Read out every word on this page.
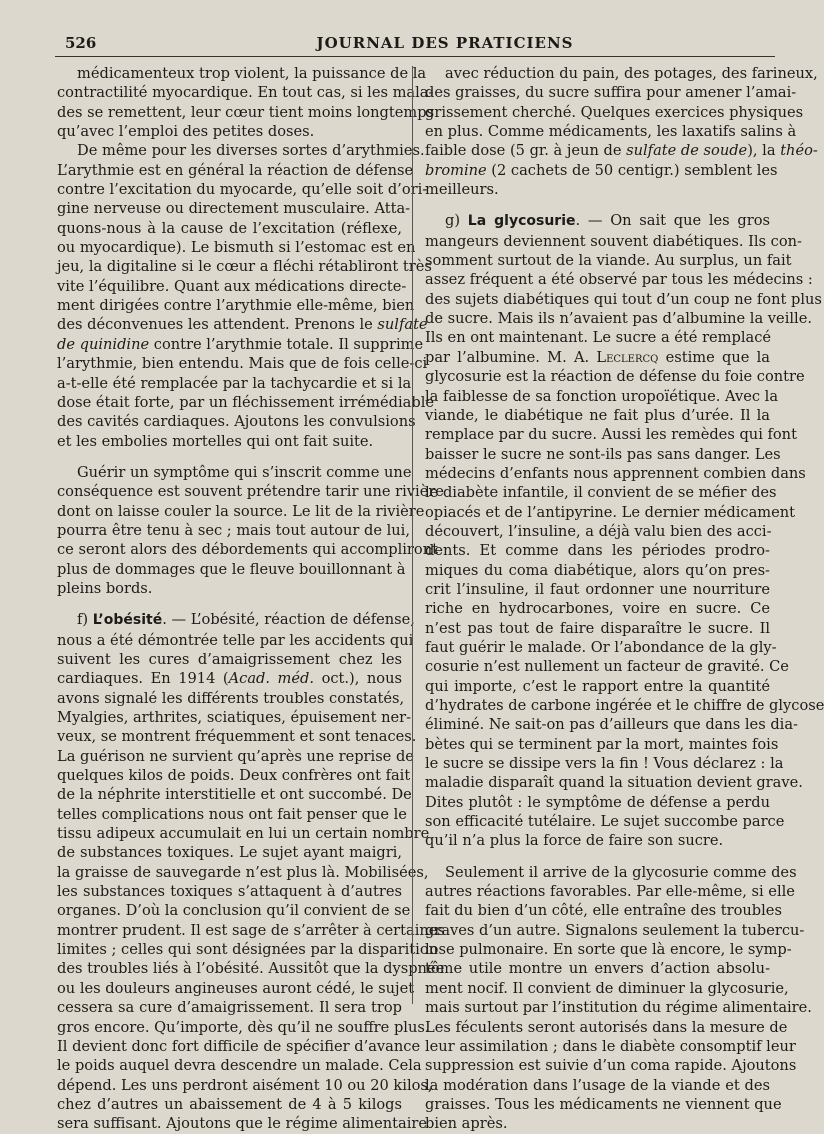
526	JOURNAL DES PRATICIENS

médicamenteux trop violent, la puissance de la
contractilité myocardique. En tout cas, si les mala-
des se remettent, leur cœur tient moins longtemps
qu’avec l’emploi des petites doses.

De même pour les diverses sortes d’arythmies.
L’arythmie est en général la réaction de défense
contre l’excitation du myocarde, qu’elle soit d’ori-
gine nerveuse ou directement musculaire. Atta-
quons-nous à la cause de l’excitation (réflexe,
ou myocardique). Le bismuth si l’estomac est en
jeu, la digitaline si le cœur a fléchi rétabliront très
vite l’équilibre. Quant aux médications directe-
ment dirigées contre l’arythmie elle-même, bien
des déconvenues les attendent. Prenons le sulfate
de quinidine contre l’arythmie totale. Il supprime
l’arythmie, bien entendu. Mais que de fois celle-ci
a-t-elle été remplacée par la tachycardie et si la
dose était forte, par un fléchissement irrémédiable
des cavités cardiaques. Ajoutons les convulsions
et les embolies mortelles qui ont fait suite.

Guérir un symptôme qui s’inscrit comme une
conséquence est souvent prétendre tarir une rivière
dont on laisse couler la source. Le lit de la rivière
pourra être tenu à sec ; mais tout autour de lui,
ce seront alors des débordements qui accompliront
plus de dommages que le fleuve bouillonnant à
pleins bords.

f) L’obésité. — L’obésité, réaction de défense,
nous a été démontrée telle par les accidents qui
suivent les cures d’amaigrissement chez les
cardiaques. En 1914 (Acad. méd. oct.), nous
avons signalé les différents troubles constatés,
Myalgies, arthrites, sciatiques, épuisement ner-
veux, se montrent fréquemment et sont tenaces.
La guérison ne survient qu’après une reprise de
quelques kilos de poids. Deux confrères ont fait
de la néphrite interstitielle et ont succombé. De
telles complications nous ont fait penser que le
tissu adipeux accumulait en lui un certain nombre
de substances toxiques. Le sujet ayant maigri,
la graisse de sauvegarde n’est plus là. Mobilisées,
les substances toxiques s’attaquent à d’autres
organes. D’où la conclusion qu’il convient de se
montrer prudent. Il est sage de s’arrêter à certaines
limites ; celles qui sont désignées par la disparition
des troubles liés à l’obésité. Aussitôt que la dyspnée
ou les douleurs angineuses auront cédé, le sujet
cessera sa cure d’amaigrissement. Il sera trop
gros encore. Qu’importe, dès qu’il ne souffre plus.
Il devient donc fort difficile de spécifier d’avance
le poids auquel devra descendre un malade. Cela
dépend. Les uns perdront aisément 10 ou 20 kilos,
chez d’autres un abaissement de 4 à 5 kilogs
sera suffisant. Ajoutons que le régime alimentaire

avec réduction du pain, des potages, des farineux,
des graisses, du sucre suffira pour amener l’amai-
grissement cherché. Quelques exercices physiques
en plus. Comme médicaments, les laxatifs salins à
faible dose (5 gr. à jeun de sulfate de soude), la théo-
bromine (2 cachets de 50 centigr.) semblent les
meilleurs.

g) La glycosurie. — On sait que les gros
mangeurs deviennent souvent diabétiques. Ils con-
somment surtout de la viande. Au surplus, un fait
assez fréquent a été observé par tous les médecins :
des sujets diabétiques qui tout d’un coup ne font plus
de sucre. Mais ils n’avaient pas d’albumine la veille.
Ils en ont maintenant. Le sucre a été remplacé
par l’albumine. M. A. Leclercq estime que la
glycosurie est la réaction de défense du foie contre
la faiblesse de sa fonction uropoïétique. Avec la
viande, le diabétique ne fait plus d’urée. Il la
remplace par du sucre. Aussi les remèdes qui font
baisser le sucre ne sont-ils pas sans danger. Les
médecins d’enfants nous apprennent combien dans
le diabète infantile, il convient de se méfier des
opiacés et de l’antipyrine. Le dernier médicament
découvert, l’insuline, a déjà valu bien des acci-
dents. Et comme dans les périodes prodro-
miques du coma diabétique, alors qu’on pres-
crit l’insuline, il faut ordonner une nourriture
riche en hydrocarbones, voire en sucre. Ce
n’est pas tout de faire disparaître le sucre. Il
faut guérir le malade. Or l’abondance de la gly-
cosurie n’est nullement un facteur de gravité. Ce
qui importe, c’est le rapport entre la quantité
d’hydrates de carbone ingérée et le chiffre de glycose
éliminé. Ne sait-on pas d’ailleurs que dans les dia-
bètes qui se terminent par la mort, maintes fois
le sucre se dissipe vers la fin ! Vous déclarez : la
maladie disparaît quand la situation devient grave.
Dites plutôt : le symptôme de défense a perdu
son efficacité tutélaire. Le sujet succombe parce
qu’il n’a plus la force de faire son sucre.

Seulement il arrive de la glycosurie comme des
autres réactions favorables. Par elle-même, si elle
fait du bien d’un côté, elle entraîne des troubles
graves d’un autre. Signalons seulement la tubercu-
lose pulmonaire. En sorte que là encore, le symp-
tôme utile montre un envers d’action absolu-
ment nocif. Il convient de diminuer la glycosurie,
mais surtout par l’institution du régime alimentaire.
Les féculents seront autorisés dans la mesure de
leur assimilation ; dans le diabète consomptif leur
suppression est suivie d’un coma rapide. Ajoutons
la modération dans l’usage de la viande et des
graisses. Tous les médicaments ne viennent que
bien après.
